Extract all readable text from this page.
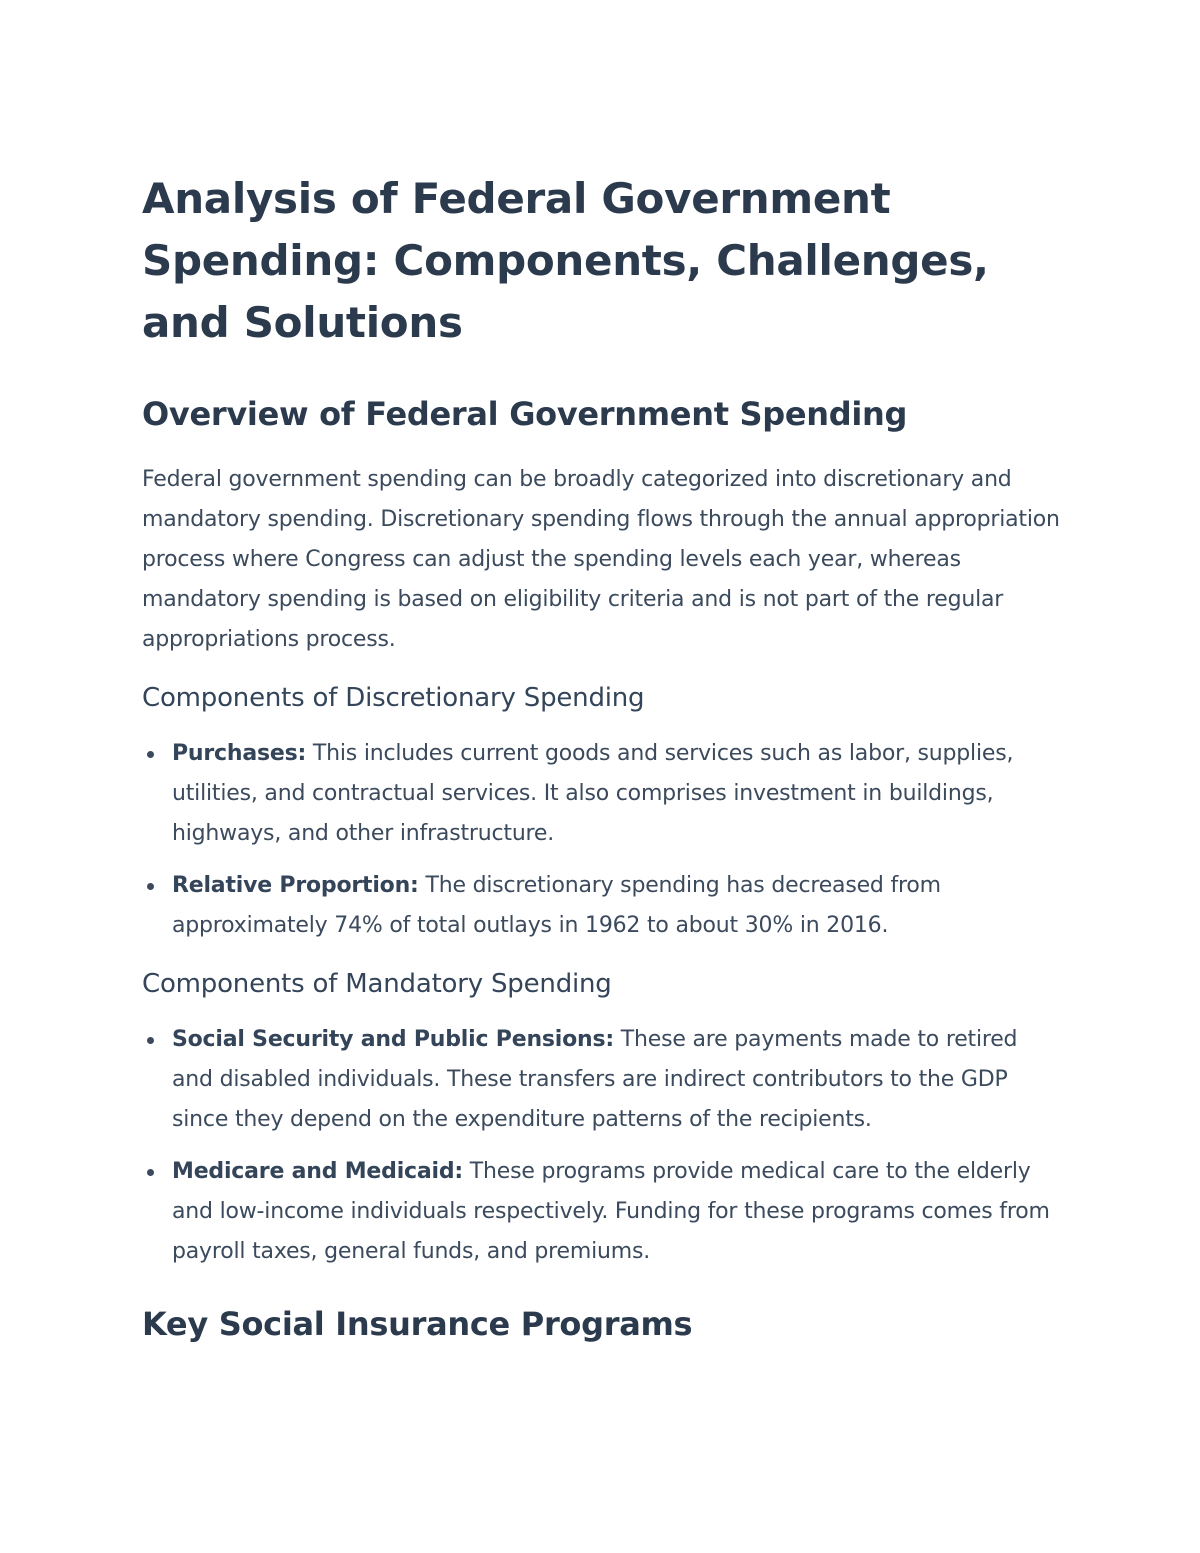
Analysis of Federal Government Spending: Components, Challenges, and Solutions
Overview of Federal Government Spending

Federal government spending can be broadly categorized into discretionary and mandatory spending. Discretionary spending flows through the annual appropriation process where Congress can adjust the spending levels each year, whereas mandatory spending is based on eligibility criteria and is not part of the regular appropriations process.

Components of Discretionary Spending
Purchases: This includes current goods and services such as labor, supplies, utilities, and contractual services. It also comprises investment in buildings, highways, and other infrastructure.
Relative Proportion: The discretionary spending has decreased from approximately 74% of total outlays in 1962 to about 30% in 2016.
Components of Mandatory Spending
Social Security and Public Pensions: These are payments made to retired and disabled individuals. These transfers are indirect contributors to the GDP since they depend on the expenditure patterns of the recipients.
Medicare and Medicaid: These programs provide medical care to the elderly and low-income individuals respectively. Funding for these programs comes from payroll taxes, general funds, and premiums.
Key Social Insurance Programs
